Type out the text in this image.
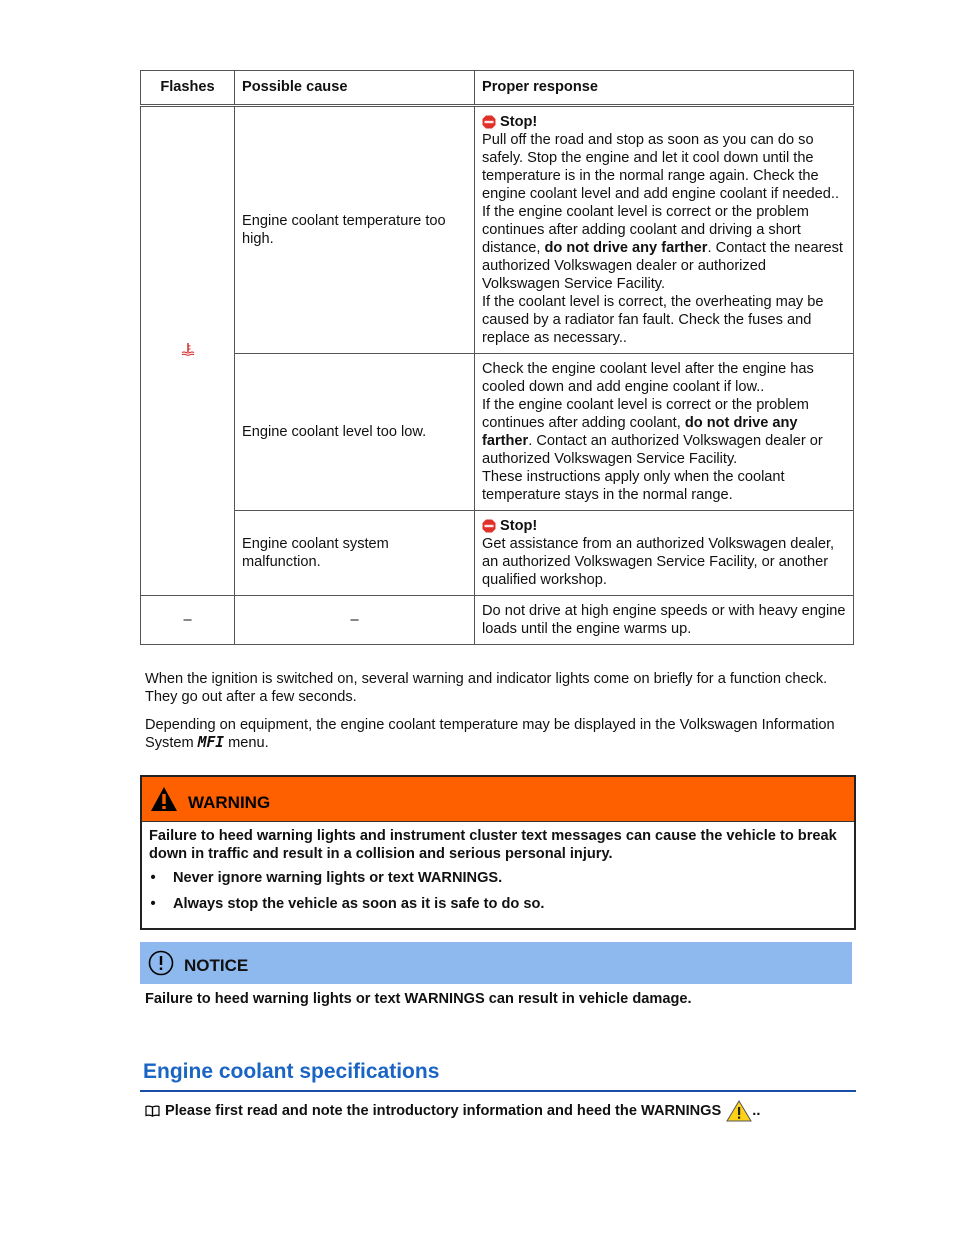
Flashes	Possible cause	Proper response
	Engine coolant temperature too high.	Stop!

Pull off the road and stop as soon as you can do so safely. Stop the engine and let it cool down until the temperature is in the normal range again. Check the engine coolant level and add engine coolant if needed..

If the engine coolant level is correct or the problem continues after adding coolant and driving a short distance, do not drive any farther. Contact the nearest authorized Volkswagen dealer or authorized Volkswagen Service Facility.

If the coolant level is correct, the overheating may be caused by a radiator fan fault. Check the fuses and replace as necessary..

	Engine coolant level too low.	Check the engine coolant level after the engine has cooled down and add engine coolant if low..

If the engine coolant level is correct or the problem continues after adding coolant, do not drive any farther. Contact an authorized Volkswagen dealer or authorized Volkswagen Service Facility.

These instructions apply only when the coolant temperature stays in the normal range.

	Engine coolant system malfunction.	Stop!

Get assistance from an authorized Volkswagen dealer, an authorized Volkswagen Service Facility, or another qualified workshop.

–	–	Do not drive at high engine speeds or with heavy engine loads until the engine warms up.

When the ignition is switched on, several warning and indicator lights come on briefly for a function check. They go out after a few seconds.

Depending on equipment, the engine coolant temperature may be displayed in the Volkswagen Information System MFI menu.

WARNING
Failure to heed warning lights and instrument cluster text messages can cause the vehicle to break down in traffic and result in a collision and serious personal injury.
• Never ignore warning lights or text WARNINGS.
• Always stop the vehicle as soon as it is safe to do so.
NOTICE
Failure to heed warning lights or text WARNINGS can result in vehicle damage.
Engine coolant specifications
Please first read and note the introductory information and heed the WARNINGS ..
